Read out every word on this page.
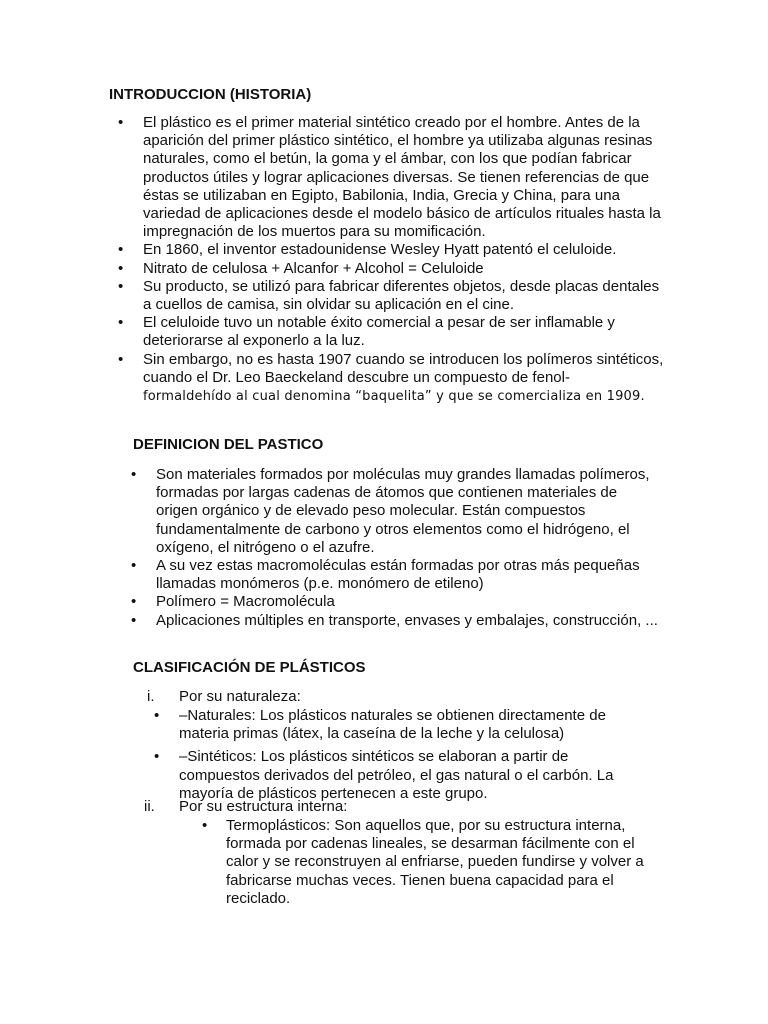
INTRODUCCION (HISTORIA)
• El plástico es el primer material sintético creado por el hombre. Antes de la aparición del primer plástico sintético, el hombre ya utilizaba algunas resinas naturales, como el betún, la goma y el ámbar, con los que podían fabricar productos útiles y lograr aplicaciones diversas. Se tienen referencias de que éstas se utilizaban en Egipto, Babilonia, India, Grecia y China, para una variedad de aplicaciones desde el modelo básico de artículos rituales hasta la impregnación de los muertos para su momificación.
• En 1860, el inventor estadounidense Wesley Hyatt patentó el celuloide.
• Nitrato de celulosa + Alcanfor + Alcohol = Celuloide
• Su producto, se utilizó para fabricar diferentes objetos, desde placas dentales a cuellos de camisa, sin olvidar su aplicación en el cine.
• El celuloide tuvo un notable éxito comercial a pesar de ser inflamable y deteriorarse al exponerlo a la luz.
• Sin embargo, no es hasta 1907 cuando se introducen los polímeros sintéticos, cuando el Dr. Leo Baeckeland descubre un compuesto de fenol-
formaldehído al cual denomina “baquelita” y que se comercializa en 1909.
DEFINICION DEL PASTICO
• Son materiales formados por moléculas muy grandes llamadas polímeros, formadas por largas cadenas de átomos que contienen materiales de origen orgánico y de elevado peso molecular. Están compuestos fundamentalmente de carbono y otros elementos como el hidrógeno, el oxígeno, el nitrógeno o el azufre.
• A su vez estas macromoléculas están formadas por otras más pequeñas llamadas monómeros (p.e. monómero de etileno)
• Polímero = Macromolécula
• Aplicaciones múltiples en transporte, envases y embalajes, construcción, ...
CLASIFICACIÓN DE PLÁSTICOS
i. Por su naturaleza:
• –Naturales: Los plásticos naturales se obtienen directamente de materia primas (látex, la caseína de la leche y la celulosa)
• –Sintéticos: Los plásticos sintéticos se elaboran a partir de compuestos derivados del petróleo, el gas natural o el carbón. La mayoría de plásticos pertenecen a este grupo.
ii. Por su estructura interna:
• Termoplásticos: Son aquellos que, por su estructura interna, formada por cadenas lineales, se desarman fácilmente con el calor y se reconstruyen al enfriarse, pueden fundirse y volver a fabricarse muchas veces. Tienen buena capacidad para el reciclado.
